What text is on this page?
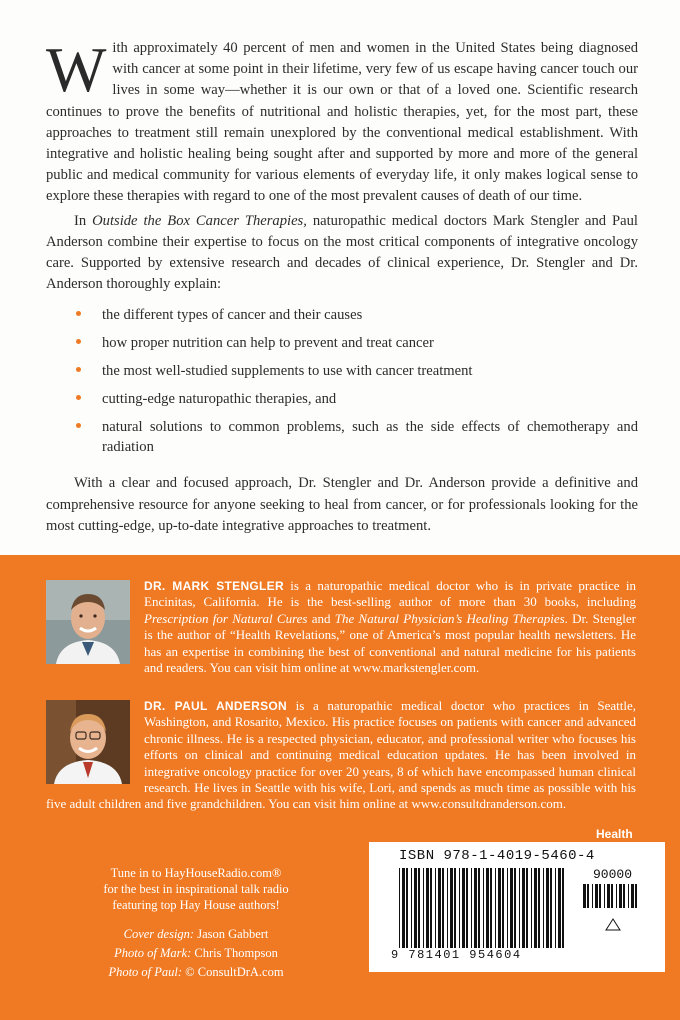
With approximately 40 percent of men and women in the United States being diagnosed with cancer at some point in their lifetime, very few of us escape having cancer touch our lives in some way—whether it is our own or that of a loved one. Scientific research continues to prove the benefits of nutritional and holistic therapies, yet, for the most part, these approaches to treatment still remain unexplored by the conventional medical establishment. With integrative and holistic healing being sought after and supported by more and more of the general public and medical community for various elements of everyday life, it only makes logical sense to explore these therapies with regard to one of the most prevalent causes of death of our time.

In Outside the Box Cancer Therapies, naturopathic medical doctors Mark Stengler and Paul Anderson combine their expertise to focus on the most critical components of integrative oncology care. Supported by extensive research and decades of clinical experience, Dr. Stengler and Dr. Anderson thoroughly explain:

the different types of cancer and their causes
how proper nutrition can help to prevent and treat cancer
the most well-studied supplements to use with cancer treatment
cutting-edge naturopathic therapies, and
natural solutions to common problems, such as the side effects of chemotherapy and radiation

With a clear and focused approach, Dr. Stengler and Dr. Anderson provide a definitive and comprehensive resource for anyone seeking to heal from cancer, or for professionals looking for the most cutting-edge, up-to-date integrative approaches to treatment.

DR. MARK STENGLER is a naturopathic medical doctor who is in private practice in Encinitas, California. He is the best-selling author of more than 30 books, including Prescription for Natural Cures and The Natural Physician’s Healing Therapies. Dr. Stengler is the author of “Health Revelations,” one of America’s most popular health newsletters. He has an expertise in combining the best of conventional and natural medicine for his patients and readers. You can visit him online at www.markstengler.com.
DR. PAUL ANDERSON is a naturopathic medical doctor who practices in Seattle, Washington, and Rosarito, Mexico. His practice focuses on patients with cancer and advanced chronic illness. He is a respected physician, educator, and professional writer who focuses his efforts on clinical and continuing medical education updates. He has been involved in integrative oncology practice for over 20 years, 8 of which have encompassed human clinical research. He lives in Seattle with his wife, Lori, and spends as much time as possible with his five adult children and five grandchildren. You can visit him online at www.consultdranderson.com.
Health
Tune in to HayHouseRadio.com®
for the best in inspirational talk radio
featuring top Hay House authors!
Cover design: Jason Gabbert
Photo of Mark: Chris Thompson
Photo of Paul: © ConsultDrA.com
ISBN 978-1-4019-5460-4
90000
9 781401 954604
